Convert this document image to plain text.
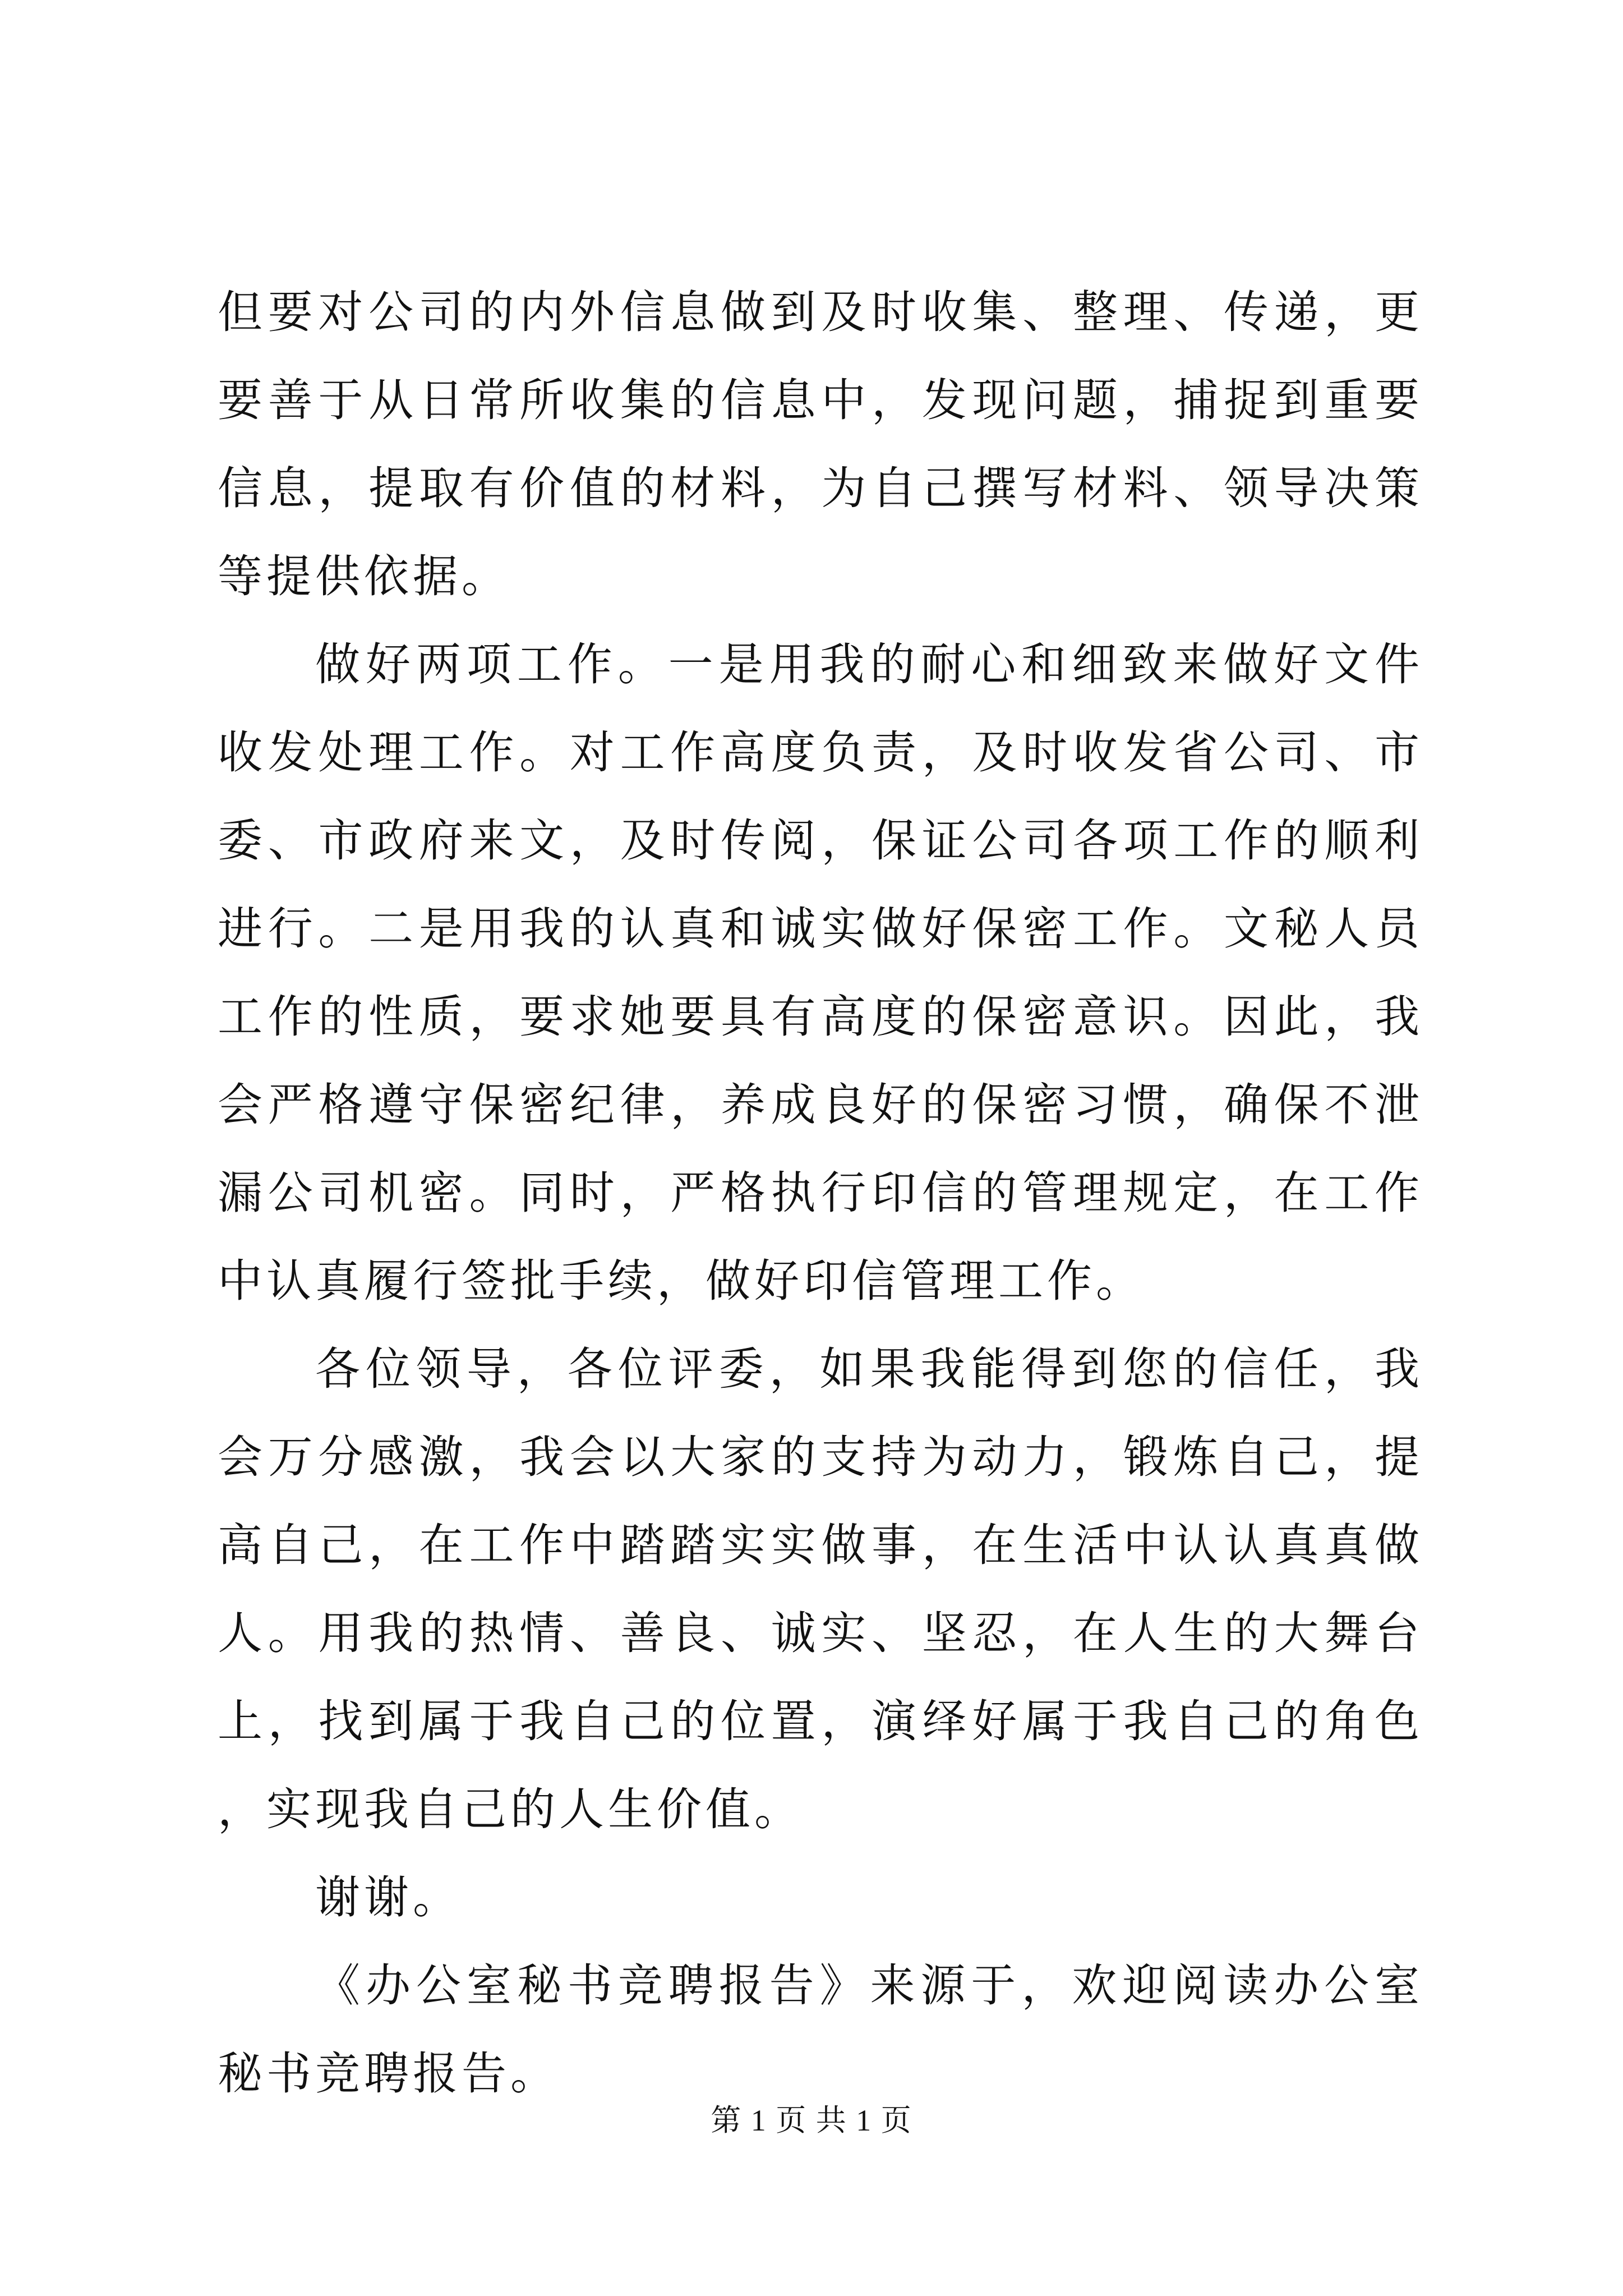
但要对公司的内外信息做到及时收集、整理、传递，更要善于从日常所收集的信息中，发现问题，捕捉到重要信息，提取有价值的材料，为自己撰写材料、领导决策等提供依据。

做好两项工作。一是用我的耐心和细致来做好文件收发处理工作。对工作高度负责，及时收发省公司、市委、市政府来文，及时传阅，保证公司各项工作的顺利进行。二是用我的认真和诚实做好保密工作。文秘人员工作的性质，要求她要具有高度的保密意识。因此，我会严格遵守保密纪律，养成良好的保密习惯，确保不泄漏公司机密。同时，严格执行印信的管理规定，在工作中认真履行签批手续，做好印信管理工作。

各位领导，各位评委，如果我能得到您的信任，我会万分感激，我会以大家的支持为动力，锻炼自己，提高自己，在工作中踏踏实实做事，在生活中认认真真做人。用我的热情、善良、诚实、坚忍，在人生的大舞台上，找到属于我自己的位置，演绎好属于我自己的角色，实现我自己的人生价值。

谢谢。

《办公室秘书竞聘报告》来源于，欢迎阅读办公室秘书竞聘报告。

第 1 页 共 1 页
